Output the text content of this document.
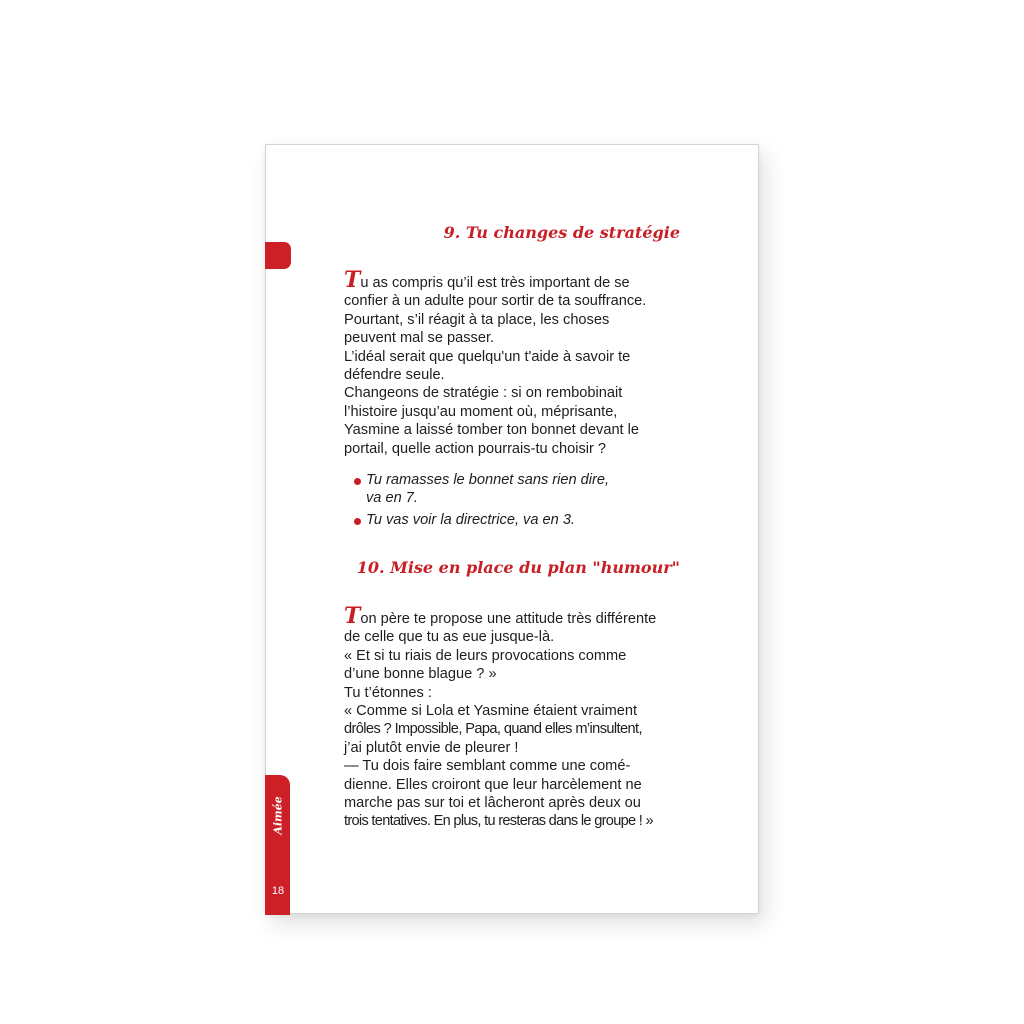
Aimée
18
9. Tu changes de stratégie

Tu as compris qu’il est très important de se

confier à un adulte pour sortir de ta souffrance.

Pourtant, s’il réagit à ta place, les choses

peuvent mal se passer.

L’idéal serait que quelqu'un t'aide à savoir te

défendre seule.

Changeons de stratégie : si on rembobinait

l’histoire jusqu’au moment où, méprisante,

Yasmine a laissé tomber ton bonnet devant le

portail, quelle action pourrais-tu choisir ?

Tu ramasses le bonnet sans rien dire,
va en 7.
Tu vas voir la directrice, va en 3.
10. Mise en place du plan "humour"

Ton père te propose une attitude très différente

de celle que tu as eue jusque-là.

« Et si tu riais de leurs provocations comme

d’une bonne blague ? »

Tu t’étonnes :

« Comme si Lola et Yasmine étaient vraiment

drôles ? Impossible, Papa, quand elles m’insultent,

j’ai plutôt envie de pleurer !

— Tu dois faire semblant comme une comé-

dienne. Elles croiront que leur harcèlement ne

marche pas sur toi et lâcheront après deux ou

trois tentatives. En plus, tu resteras dans le groupe ! »
